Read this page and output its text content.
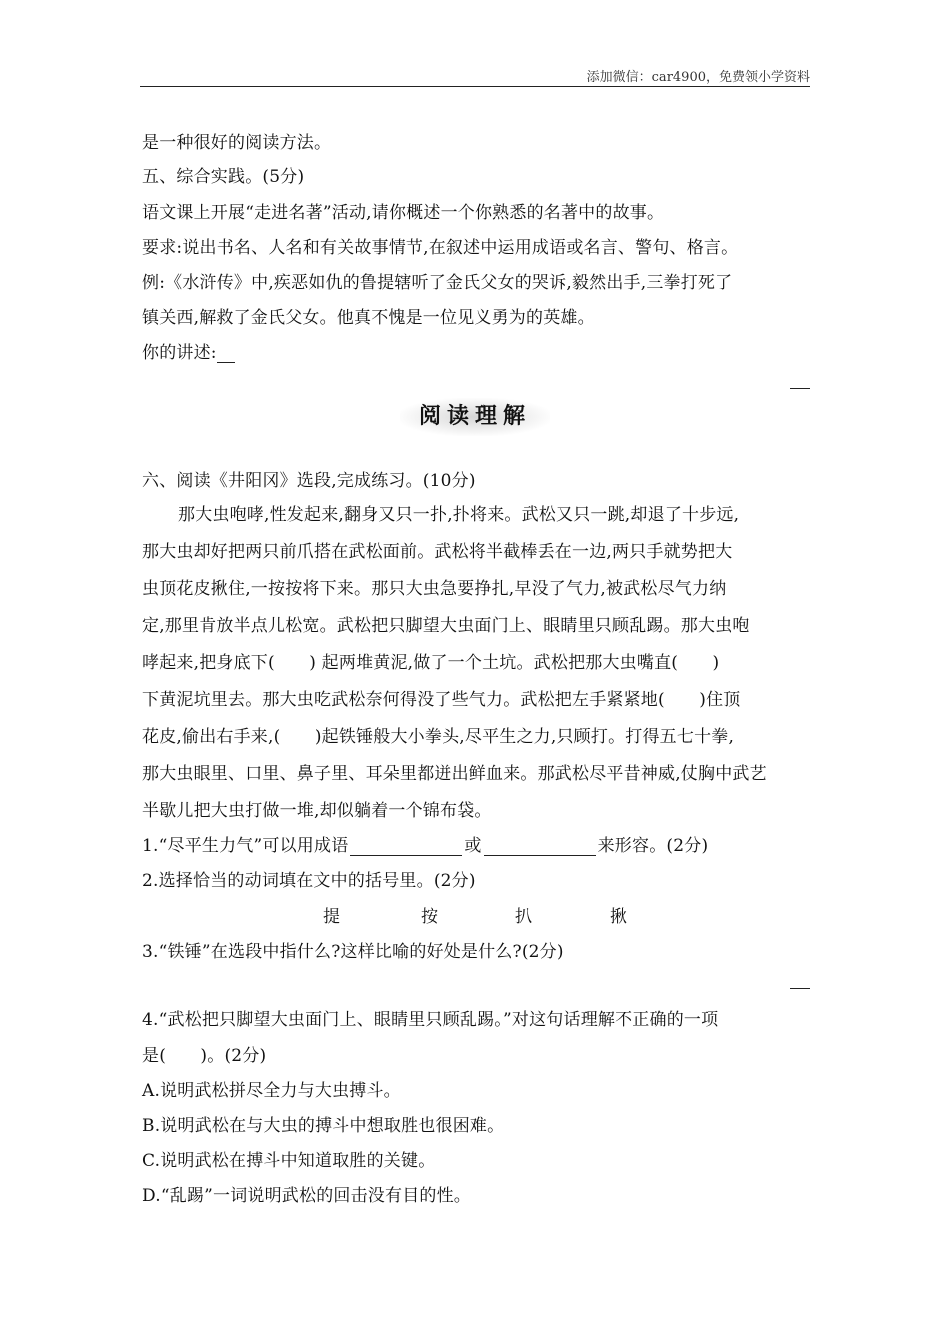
添加微信：car4900，免费领小学资料
是一种很好的阅读方法。
五、综合实践。(5分)
语文课上开展“走进名著”活动,请你概述一个你熟悉的名著中的故事。
要求:说出书名、人名和有关故事情节,在叙述中运用成语或名言、警句、格言。
例:《水浒传》中,疾恶如仇的鲁提辖听了金氏父女的哭诉,毅然出手,三拳打死了
镇关西,解救了金氏父女。他真不愧是一位见义勇为的英雄。
你的讲述:
阅读理解
六、阅读《井阳冈》选段,完成练习。(10分)
那大虫咆哮,性发起来,翻身又只一扑,扑将来。武松又只一跳,却退了十步远,
那大虫却好把两只前爪搭在武松面前。武松将半截棒丢在一边,两只手就势把大
虫顶花皮揪住,一按按将下来。那只大虫急要挣扎,早没了气力,被武松尽气力纳
定,那里肯放半点儿松宽。武松把只脚望大虫面门上、眼睛里只顾乱踢。那大虫咆
哮起来,把身底下(　　) 起两堆黄泥,做了一个土坑。武松把那大虫嘴直(　　)
下黄泥坑里去。那大虫吃武松奈何得没了些气力。武松把左手紧紧地(　　)住顶
花皮,偷出右手来,(　　)起铁锤般大小拳头,尽平生之力,只顾打。打得五七十拳,
那大虫眼里、口里、鼻子里、耳朵里都迸出鲜血来。那武松尽平昔神威,仗胸中武艺
半歇儿把大虫打做一堆,却似躺着一个锦布袋。
1.“尽平生力气”可以用成语	或	来形容。(2分)
2.选择恰当的动词填在文中的括号里。(2分)
提	按	扒	揪
3.“铁锤”在选段中指什么?这样比喻的好处是什么?(2分)
4.“武松把只脚望大虫面门上、眼睛里只顾乱踢。”对这句话理解不正确的一项
是(　　)。(2分)
A.说明武松拼尽全力与大虫搏斗。
B.说明武松在与大虫的搏斗中想取胜也很困难。
C.说明武松在搏斗中知道取胜的关键。
D.“乱踢”一词说明武松的回击没有目的性。
